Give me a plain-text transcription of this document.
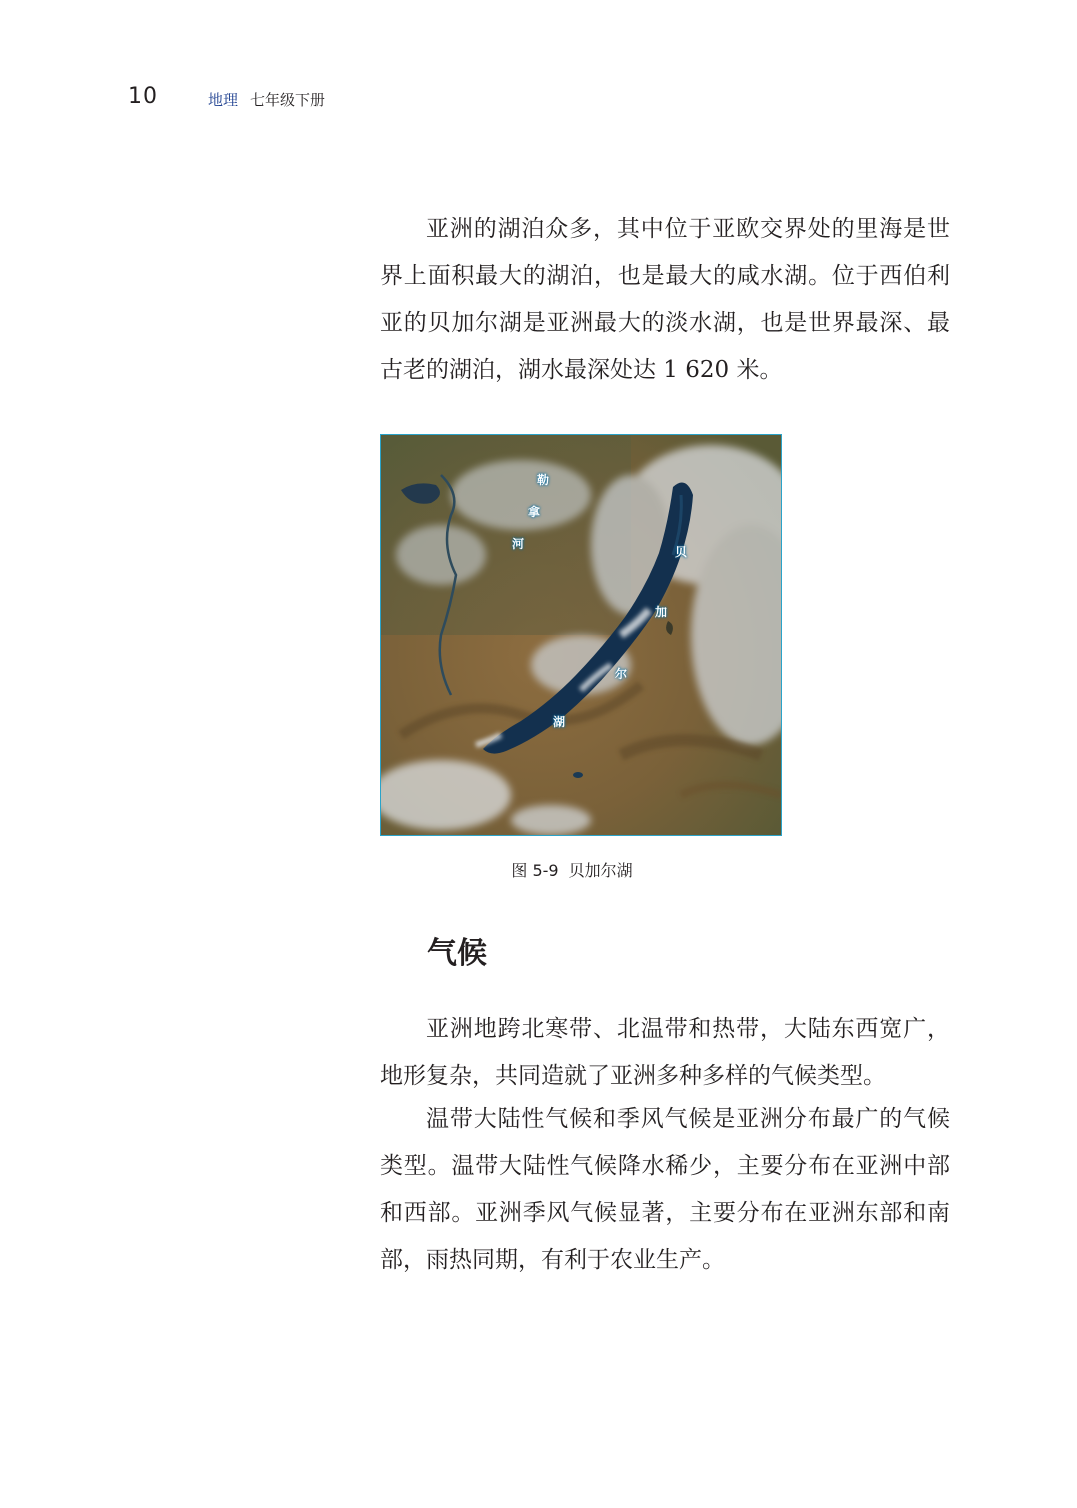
10	地理 七年级下册

亚洲的湖泊众多，其中位于亚欧交界处的里海是世界上面积最大的湖泊，也是最大的咸水湖。位于西伯利亚的贝加尔湖是亚洲最大的淡水湖，也是世界最深、最古老的湖泊，湖水最深处达 1 620 米。

勒
拿
河
贝
加
尔
湖
图 5-9 贝加尔湖
气候

亚洲地跨北寒带、北温带和热带，大陆东西宽广，地形复杂，共同造就了亚洲多种多样的气候类型。

温带大陆性气候和季风气候是亚洲分布最广的气候类型。温带大陆性气候降水稀少，主要分布在亚洲中部和西部。亚洲季风气候显著，主要分布在亚洲东部和南部，雨热同期，有利于农业生产。
